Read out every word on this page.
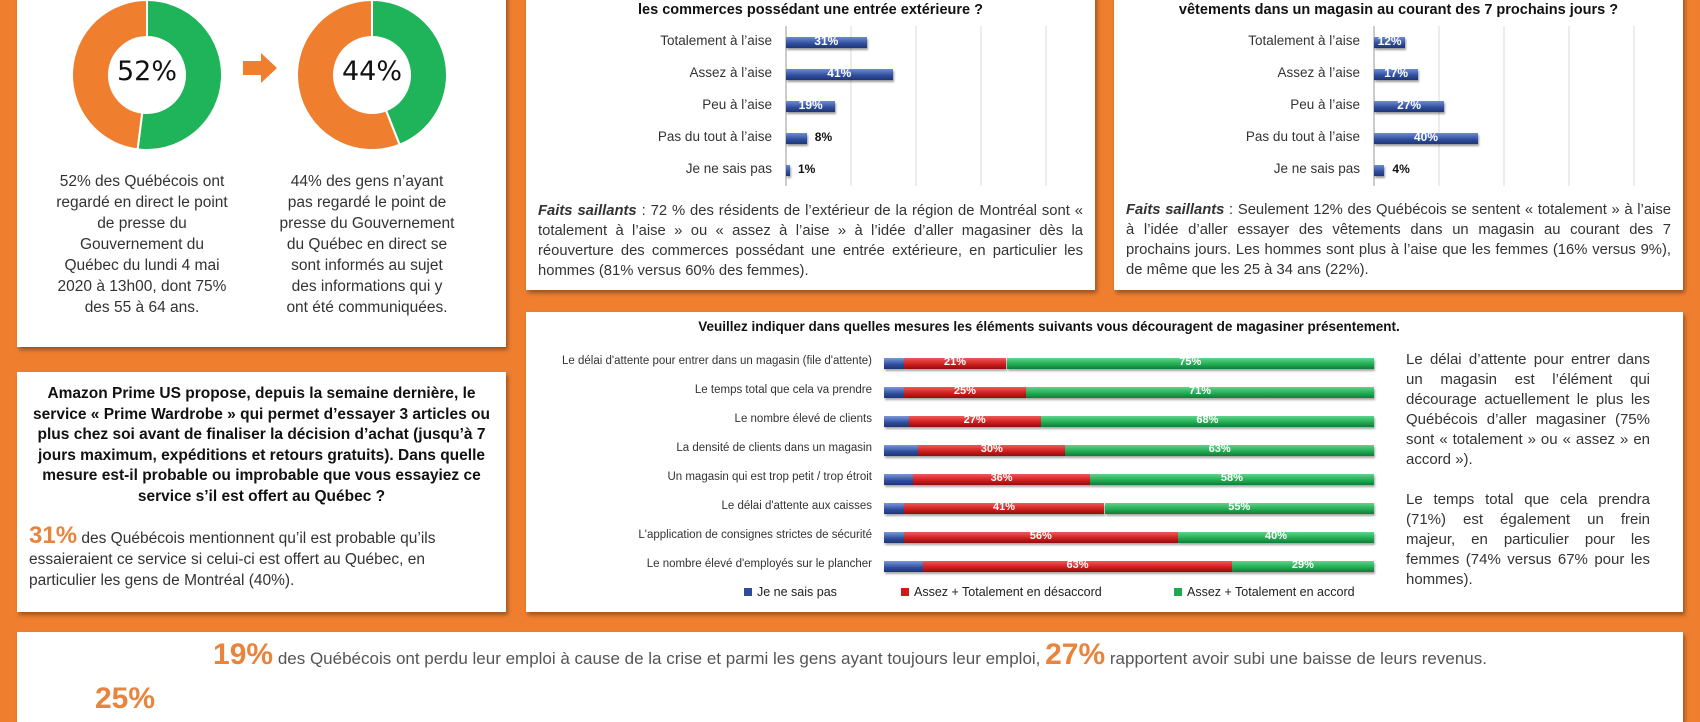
52%	44%
52% des Québécois ont
regardé en direct le point
de presse du
Gouvernement du
Québec du lundi 4 mai
2020 à 13h00, dont 75%
des 55 à 64 ans.
44% des gens n’ayant
pas regardé le point de
presse du Gouvernement
du Québec en direct se
sont informés au sujet
des informations qui y
ont été communiquées.
Amazon Prime US propose, depuis la semaine dernière, le
service « Prime Wardrobe » qui permet d’essayer 3 articles ou
plus chez soi avant de finaliser la décision d’achat (jusqu’à 7
jours maximum, expéditions et retours gratuits). Dans quelle
mesure est-il probable ou improbable que vous essayiez ce
service s’il est offert au Québec ?
31% des Québécois mentionnent qu’il est probable qu’ils
essaieraient ce service si celui-ci est offert au Québec, en
particulier les gens de Montréal (40%).
les commerces possédant une entrée extérieure ?
Totalement à l’aise	31%
Assez à l’aise	41%
Peu à l’aise	19%
Pas du tout à l’aise	8%
Je ne sais pas 1%
Faits saillants : 72 % des résidents de l’extérieur de la région de Montréal sont «
totalement à l’aise » ou « assez à l’aise » à l’idée d’aller magasiner dès la
réouverture des commerces possédant une entrée extérieure, en particulier les
hommes (81% versus 60% des femmes).
vêtements dans un magasin au courant des 7 prochains jours ?
Totalement à l’aise 12%
Assez à l’aise	17%
Peu à l’aise	27%
Pas du tout à l’aise	40%
Je ne sais pas	4%
Faits saillants : Seulement 12% des Québécois se sentent « totalement » à l’aise
à l’idée d’aller essayer des vêtements dans un magasin au courant des 7
prochains jours. Les hommes sont plus à l’aise que les femmes (16% versus 9%),
de même que les 25 à 34 ans (22%).
Veuillez indiquer dans quelles mesures les éléments suivants vous découragent de magasiner présentement.
Le délai d'attente pour entrer dans un magasin (file d'attente)	21%	75%
Le temps total que cela va prendre	25%	71%
Le nombre élevé de clients	27%	68%
La densité de clients dans un magasin	30%	63%
Un magasin qui est trop petit / trop étroit	36%	58%
Le délai d'attente aux caisses	41%	55%
L'application de consignes strictes de sécurité	56%	40%
Le nombre élevé d'employés sur le plancher	63%	29%
Je ne sais pas	Assez + Totalement en désaccord	Assez + Totalement en accord
Le délai d’attente pour entrer dans
un magasin est l’élément qui
décourage actuellement le plus les
Québécois d’aller magasiner (75%
sont « totalement » ou « assez » en
accord »).
Le temps total que cela prendra
(71%) est également un frein
majeur, en particulier pour les
femmes (74% versus 67% pour les
hommes).
19% des Québécois ont perdu leur emploi à cause de la crise et parmi les gens ayant toujours leur emploi, 27% rapportent avoir subi une baisse de leurs revenus.
25%
